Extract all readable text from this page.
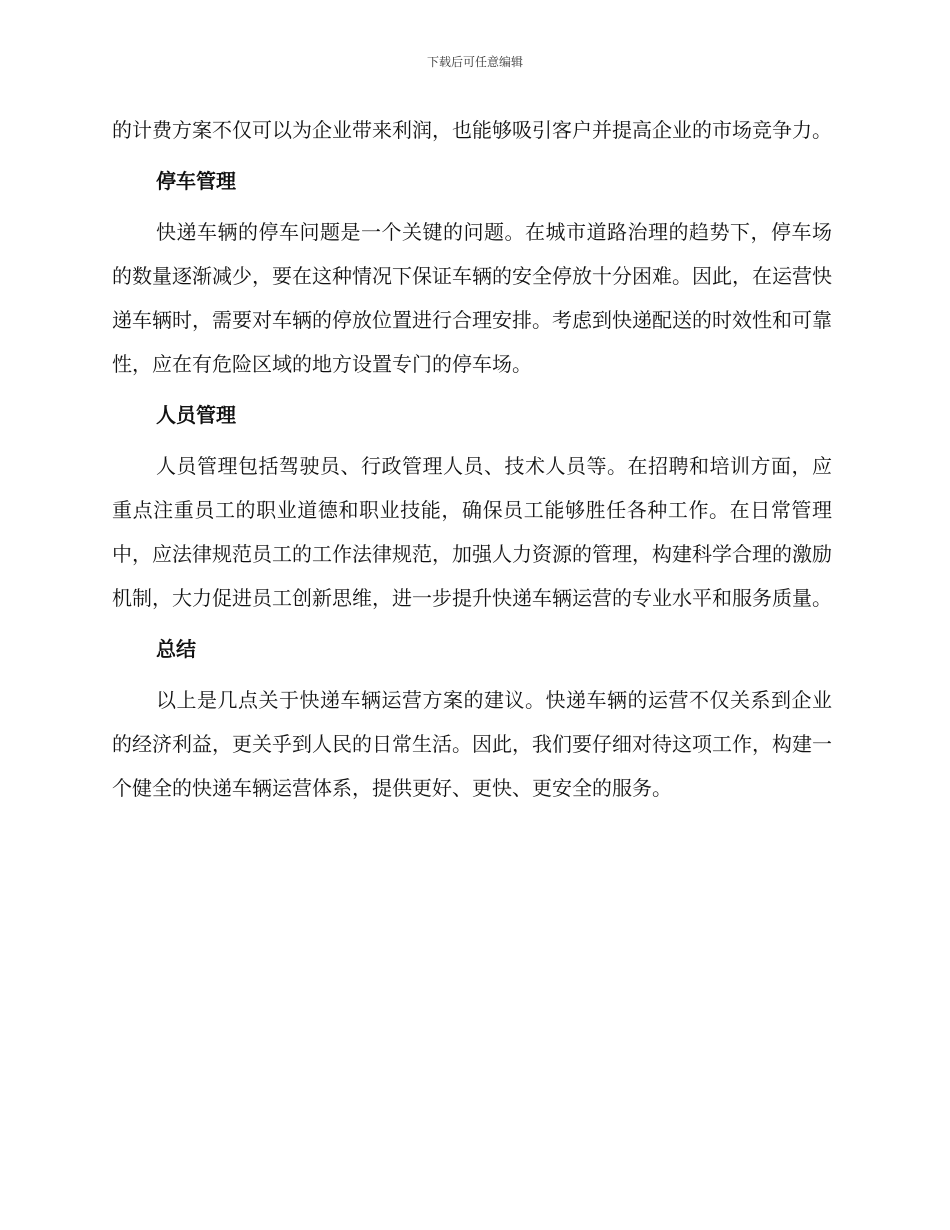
下载后可任意编辑

的计费方案不仅可以为企业带来利润，也能够吸引客户并提高企业的市场竞争力。

停车管理

快递车辆的停车问题是一个关键的问题。在城市道路治理的趋势下，停车场的数量逐渐减少，要在这种情况下保证车辆的安全停放十分困难。因此，在运营快递车辆时，需要对车辆的停放位置进行合理安排。考虑到快递配送的时效性和可靠性，应在有危险区域的地方设置专门的停车场。

人员管理

人员管理包括驾驶员、行政管理人员、技术人员等。在招聘和培训方面，应重点注重员工的职业道德和职业技能，确保员工能够胜任各种工作。在日常管理中，应法律规范员工的工作法律规范，加强人力资源的管理，构建科学合理的激励机制，大力促进员工创新思维，进一步提升快递车辆运营的专业水平和服务质量。

总结

以上是几点关于快递车辆运营方案的建议。快递车辆的运营不仅关系到企业的经济利益，更关乎到人民的日常生活。因此，我们要仔细对待这项工作，构建一个健全的快递车辆运营体系，提供更好、更快、更安全的服务。
